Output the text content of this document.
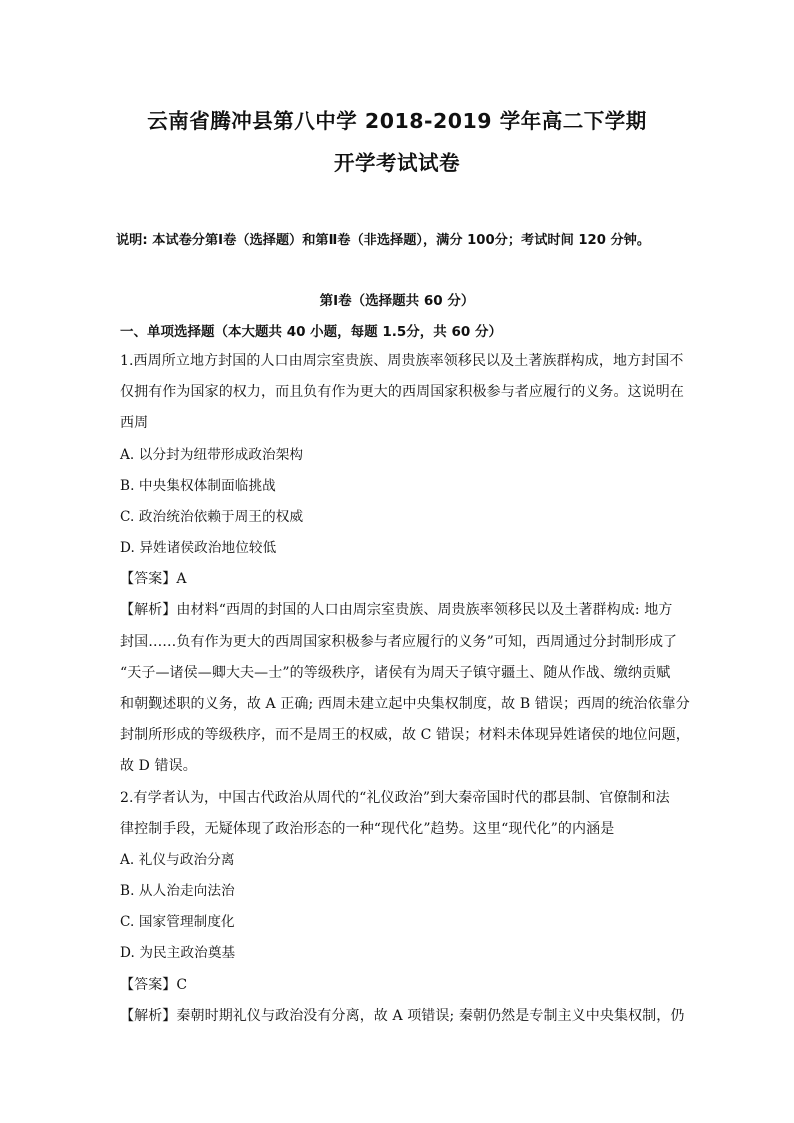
云南省腾冲县第八中学 2018-2019 学年高二下学期
开学考试试卷
说明: 本试卷分第Ⅰ卷（选择题）和第Ⅱ卷（非选择题），满分 100分；考试时间 120 分钟。
第Ⅰ卷（选择题共 60 分）
一、单项选择题（本大题共 40 小题，每题 1.5分，共 60 分）
1.西周所立地方封国的人口由周宗室贵族、周贵族率领移民以及土著族群构成，地方封国不
仅拥有作为国家的权力，而且负有作为更大的西周国家积极参与者应履行的义务。这说明在
西周
A. 以分封为纽带形成政治架构
B. 中央集权体制面临挑战
C. 政治统治依赖于周王的权威
D. 异姓诸侯政治地位较低
【答案】A
【解析】由材料“西周的封国的人口由周宗室贵族、周贵族率领移民以及土著群构成: 地方
封国……负有作为更大的西周国家积极参与者应履行的义务”可知，西周通过分封制形成了
“天子—诸侯—卿大夫—士”的等级秩序，诸侯有为周天子镇守疆土、随从作战、缴纳贡赋
和朝觐述职的义务，故 A 正确; 西周未建立起中央集权制度，故 B 错误；西周的统治依靠分
封制所形成的等级秩序，而不是周王的权威，故 C 错误；材料未体现异姓诸侯的地位问题，
故 D 错误。
2.有学者认为，中国古代政治从周代的“礼仪政治”到大秦帝国时代的郡县制、官僚制和法
律控制手段，无疑体现了政治形态的一种“现代化”趋势。这里“现代化”的内涵是
A. 礼仪与政治分离
B. 从人治走向法治
C. 国家管理制度化
D. 为民主政治奠基
【答案】C
【解析】秦朝时期礼仪与政治没有分离，故 A 项错误; 秦朝仍然是专制主义中央集权制，仍
